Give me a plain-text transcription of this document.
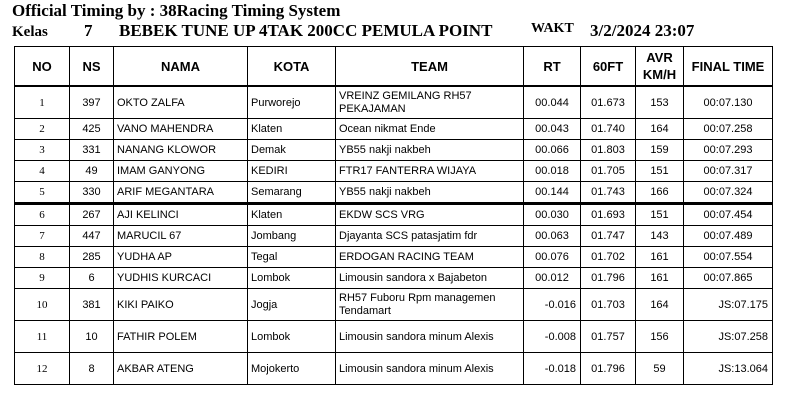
Official Timing by : 38Racing Timing System
Kelas 7 BEBEK TUNE UP 4TAK 200CC PEMULA POINT	WAKT 3/2/2024 23:07
NO	NS	NAMA	KOTA	TEAM	RT	60FT	AVR KM/H	FINAL TIME
1	397	OKTO ZALFA	Purworejo	VREINZ GEMILANG RH57 PEKAJAMAN	00.044	01.673	153	00:07.130
2	425	VANO MAHENDRA	Klaten	Ocean nikmat Ende	00.043	01.740	164	00:07.258
3	331	NANANG KLOWOR	Demak	YB55 nakji nakbeh	00.066	01.803	159	00:07.293
4	49	IMAM GANYONG	KEDIRI	FTR17 FANTERRA WIJAYA	00.018	01.705	151	00:07.317
5	330	ARIF MEGANTARA	Semarang	YB55 nakji nakbeh	00.144	01.743	166	00:07.324
6	267	AJI KELINCI	Klaten	EKDW SCS VRG	00.030	01.693	151	00:07.454
7	447	MARUCIL 67	Jombang	Djayanta SCS patasjatim fdr	00.063	01.747	143	00:07.489
8	285	YUDHA AP	Tegal	ERDOGAN RACING TEAM	00.076	01.702	161	00:07.554
9	6	YUDHIS KURCACI	Lombok	Limousin sandora x Bajabeton	00.012	01.796	161	00:07.865
10	381	KIKI PAIKO	Jogja	RH57 Fuboru Rpm managemen Tendamart	-0.016	01.703	164	JS:07.175
11	10	FATHIR POLEM	Lombok	Limousin sandora minum Alexis	-0.008	01.757	156	JS:07.258
12	8	AKBAR ATENG	Mojokerto	Limousin sandora minum Alexis	-0.018	01.796	59	JS:13.064
